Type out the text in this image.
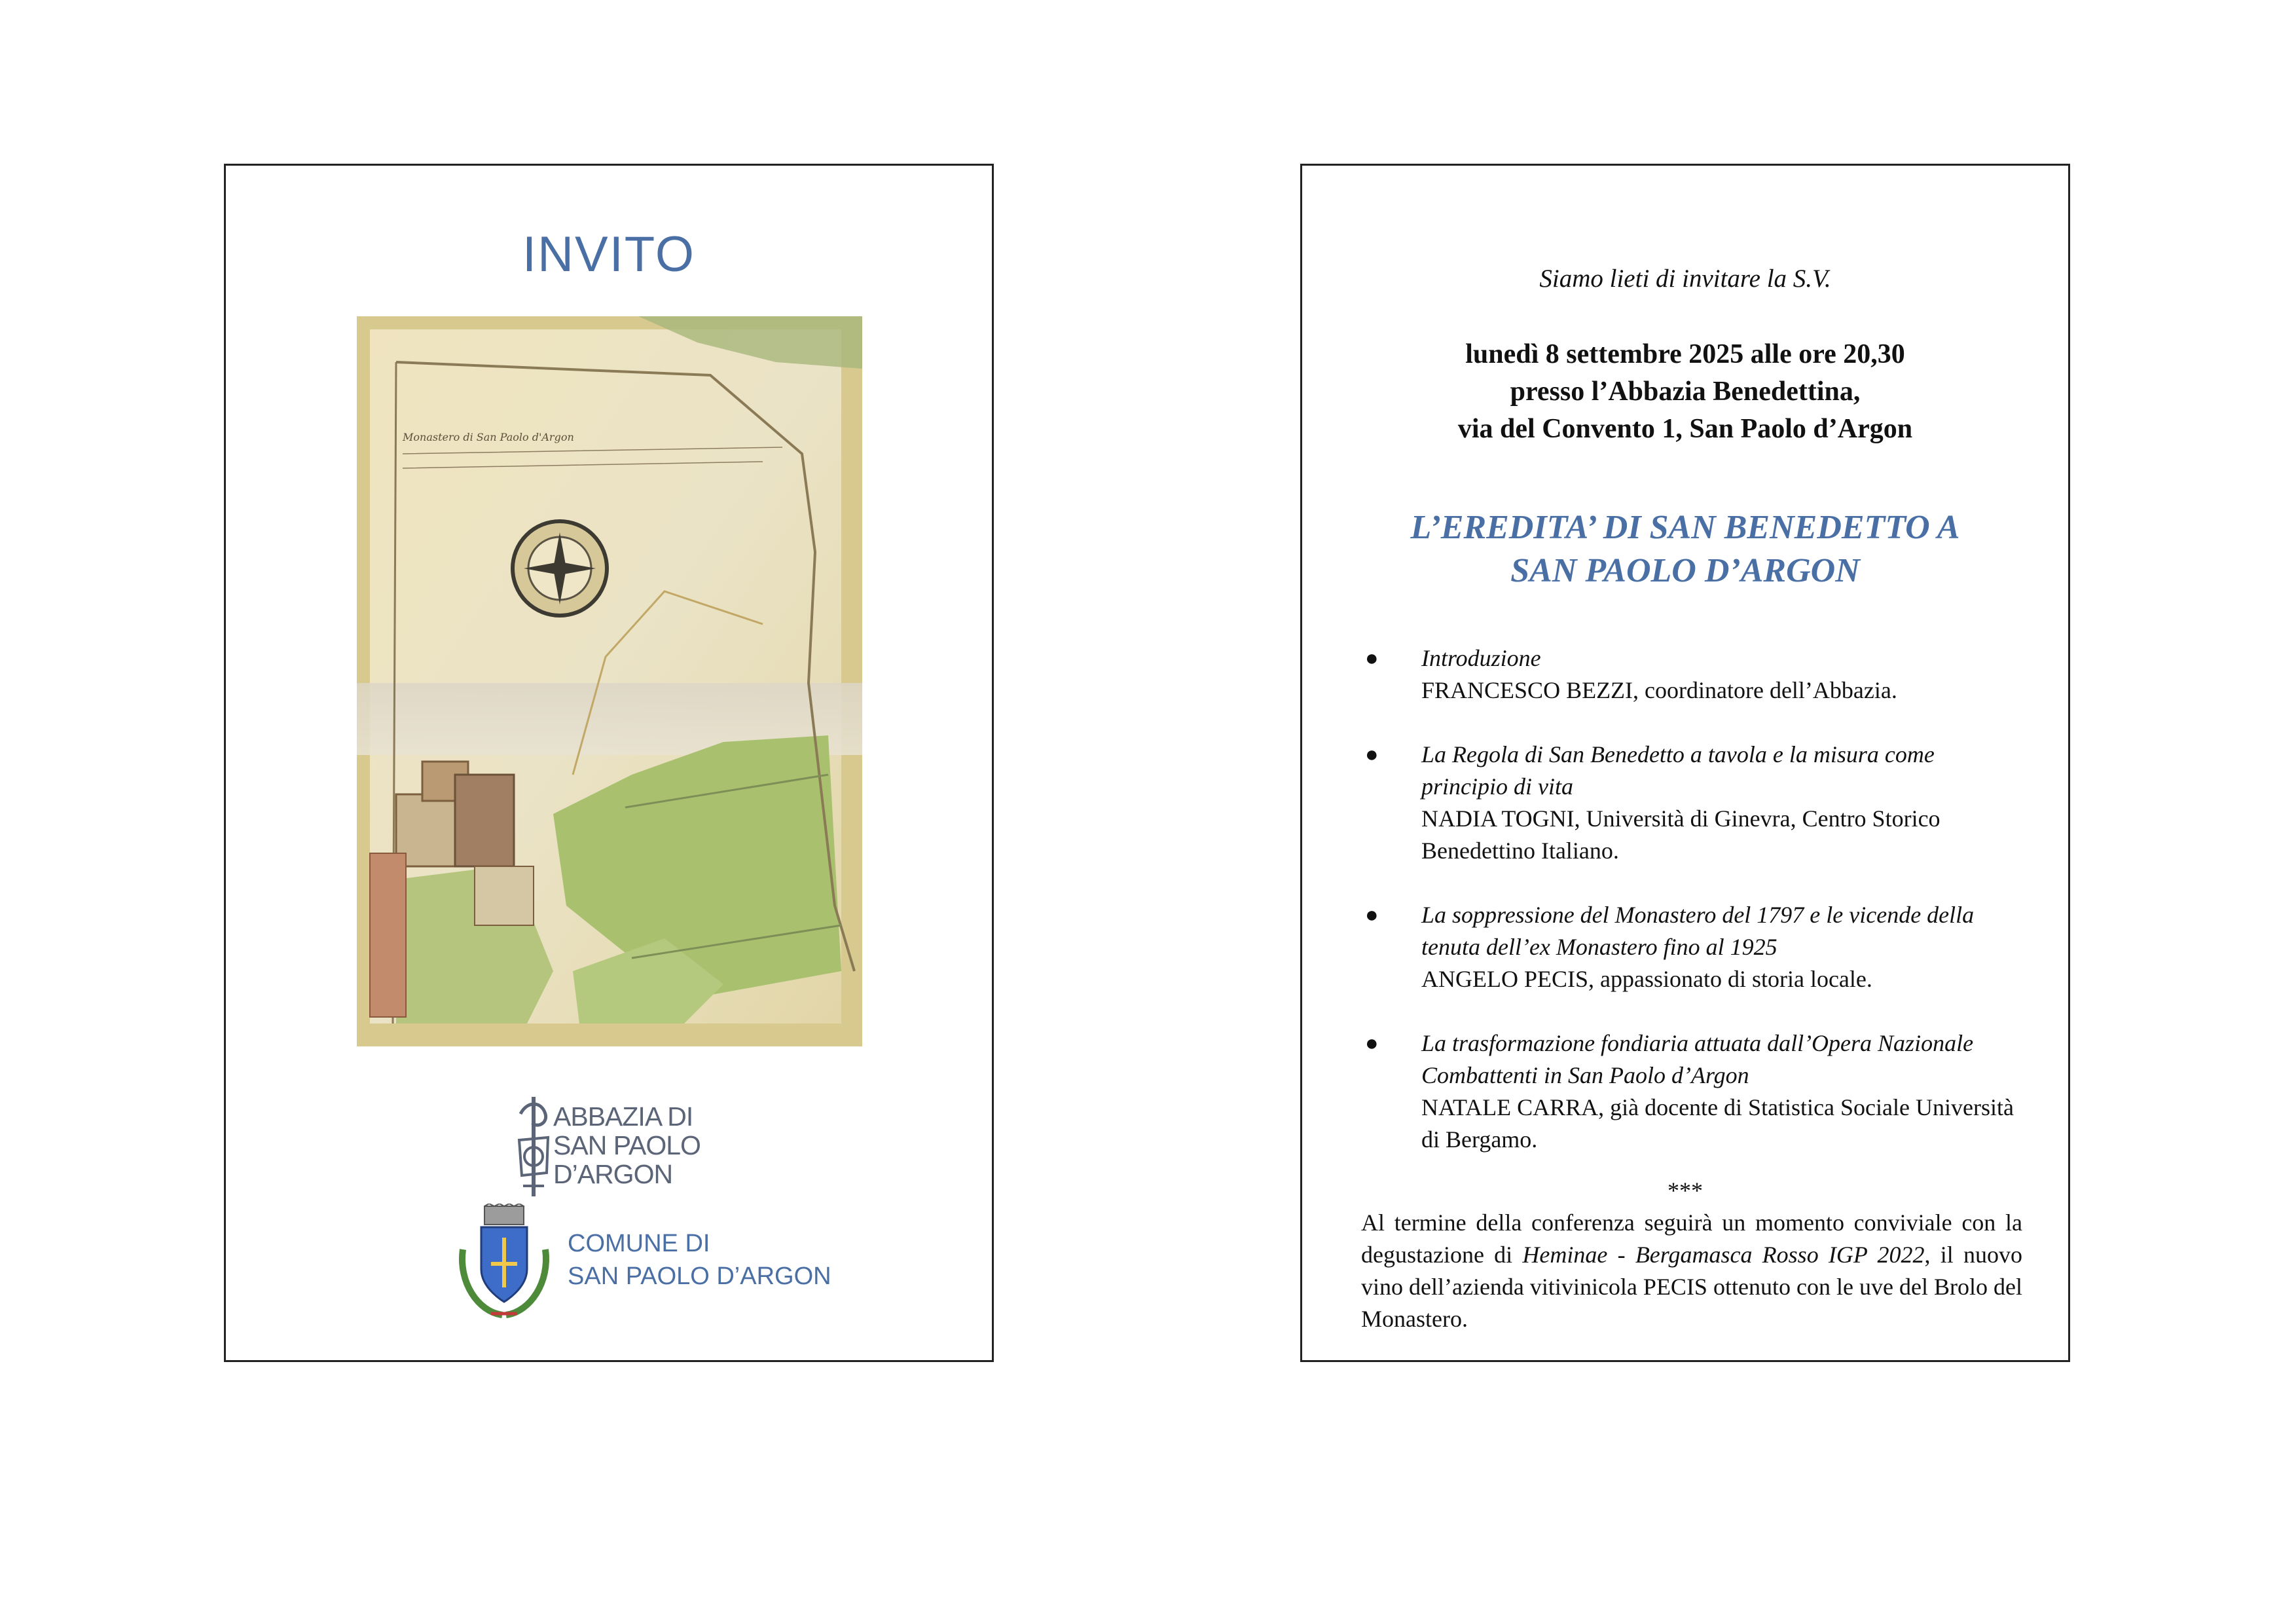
INVITO
Monastero di San Paolo d'Argon
ABBAZIA DI
SAN PAOLO
D’ARGON
COMUNE DI
SAN PAOLO D’ARGON
Siamo lieti di invitare la S.V.
lunedì 8 settembre 2025 alle ore 20,30
presso l’Abbazia Benedettina,
via del Convento 1, San Paolo d’Argon
L’EREDITA’ DI SAN BENEDETTO A
SAN PAOLO D’ARGON
● Introduzione
FRANCESCO BEZZI, coordinatore dell’Abbazia.
● La Regola di San Benedetto a tavola e la misura come principio di vita
NADIA TOGNI, Università di Ginevra, Centro Storico Benedettino Italiano.
● La soppressione del Monastero del 1797 e le vicende della tenuta dell’ex Monastero fino al 1925
ANGELO PECIS, appassionato di storia locale.
● La trasformazione fondiaria attuata dall’Opera Nazionale Combattenti in San Paolo d’Argon
NATALE CARRA, già docente di Statistica Sociale Università di Bergamo.
***
Al termine della conferenza seguirà un momento conviviale con la degustazione di Heminae - Bergamasca Rosso IGP 2022, il nuovo vino dell’azienda vitivinicola PECIS ottenuto con le uve del Brolo del Monastero.
